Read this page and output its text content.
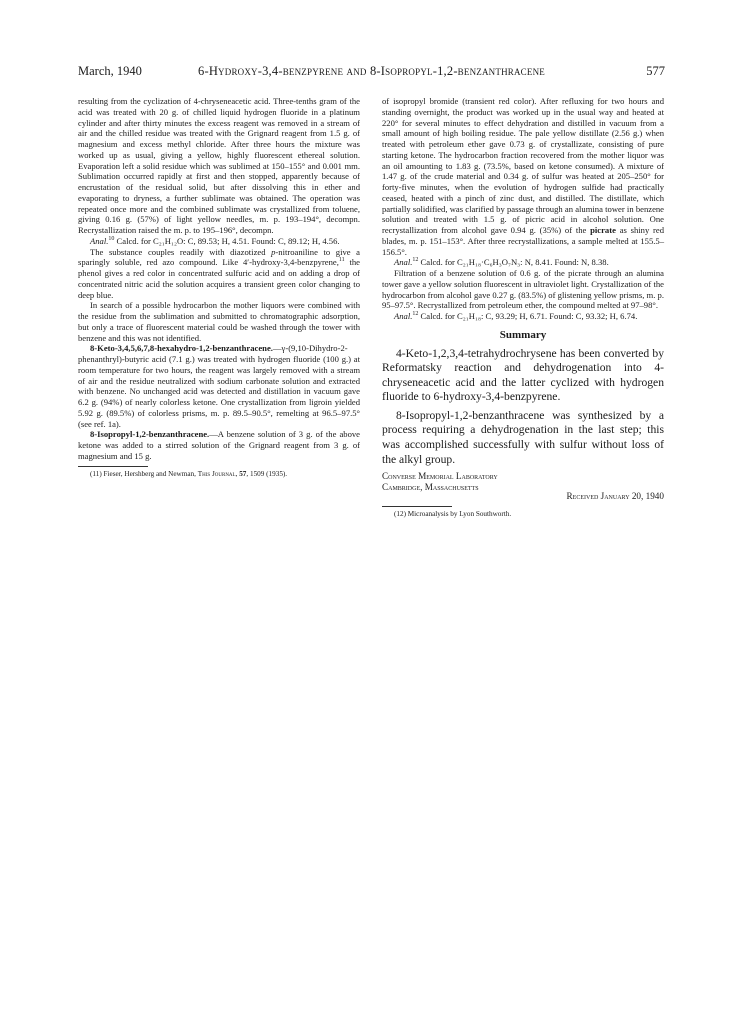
March, 1940	6-Hydroxy-3,4-benzpyrene and 8-Isopropyl-1,2-benzanthracene	577

resulting from the cyclization of 4-chryseneacetic acid. Three-tenths gram of the acid was treated with 20 g. of chilled liquid hydrogen fluoride in a platinum cylinder and after thirty minutes the excess reagent was removed in a stream of air and the chilled residue was treated with the Grignard reagent from 1.5 g. of magnesium and excess methyl chloride. After three hours the mixture was worked up as usual, giving a yellow, highly fluorescent ethereal solution. Evaporation left a solid residue which was sublimed at 150–155° and 0.001 mm. Sublimation occurred rapidly at first and then stopped, apparently because of encrustation of the residual solid, but after dissolving this in ether and evaporating to dryness, a further sublimate was obtained. The operation was repeated once more and the combined sublimate was crystallized from toluene, giving 0.16 g. (57%) of light yellow needles, m. p. 193–194°, decompn. Recrystallization raised the m. p. to 195–196°, decompn.

Anal.$^{10}$ Calcd. for C₂₁H₁₂O: C, 89.53; H, 4.51. Found: C, 89.12; H, 4.56.

The substance couples readily with diazotized p-nitroaniline to give a sparingly soluble, red azo compound. Like 4′-hydroxy-3,4-benzpyrene,$^{11}$ the phenol gives a red color in concentrated sulfuric acid and on adding a drop of concentrated nitric acid the solution acquires a transient green color changing to deep blue.

In search of a possible hydrocarbon the mother liquors were combined with the residue from the sublimation and submitted to chromatographic adsorption, but only a trace of fluorescent material could be washed through the tower with benzene and this was not identified.

8-Keto-3,4,5,6,7,8-hexahydro-1,2-benzanthracene.—γ-(9,10-Dihydro-2-phenanthryl)-butyric acid (7.1 g.) was treated with hydrogen fluoride (100 g.) at room temperature for two hours, the reagent was largely removed with a stream of air and the residue neutralized with sodium carbonate solution and extracted with benzene. No unchanged acid was detected and distillation in vacuum gave 6.2 g. (94%) of nearly colorless ketone. One crystallization from ligroin yielded 5.92 g. (89.5%) of colorless prisms, m. p. 89.5–90.5°, remelting at 96.5–97.5° (see ref. 1a).

8-Isopropyl-1,2-benzanthracene.—A benzene solution of 3 g. of the above ketone was added to a stirred solution of the Grignard reagent from 3 g. of magnesium and 15 g.

(11) Fieser, Hershberg and Newman, This Journal, 57, 1509 (1935).

of isopropyl bromide (transient red color). After refluxing for two hours and standing overnight, the product was worked up in the usual way and heated at 220° for several minutes to effect dehydration and distilled in vacuum from a small amount of high boiling residue. The pale yellow distillate (2.56 g.) when treated with petroleum ether gave 0.73 g. of crystallizate, consisting of pure starting ketone. The hydrocarbon fraction recovered from the mother liquor was an oil amounting to 1.83 g. (73.5%, based on ketone consumed). A mixture of 1.47 g. of the crude material and 0.34 g. of sulfur was heated at 205–250° for forty-five minutes, when the evolution of hydrogen sulfide had practically ceased, heated with a pinch of zinc dust, and distilled. The distillate, which partially solidified, was clarified by passage through an alumina tower in benzene solution and treated with 1.5 g. of picric acid in alcohol solution. One recrystallization from alcohol gave 0.94 g. (35%) of the picrate as shiny red blades, m. p. 151–153°. After three recrystallizations, a sample melted at 155.5–156.5°.

Anal.$^{12}$ Calcd. for C₂₁H₁₈·C₆H₃O₇N₃: N, 8.41. Found: N, 8.38.

Filtration of a benzene solution of 0.6 g. of the picrate through an alumina tower gave a yellow solution fluorescent in ultraviolet light. Crystallization of the hydrocarbon from alcohol gave 0.27 g. (83.5%) of glistening yellow prisms, m. p. 95–97.5°. Recrystallized from petroleum ether, the compound melted at 97–98°.

Anal.$^{12}$ Calcd. for C₂₁H₁₈: C, 93.29; H, 6.71. Found: C, 93.32; H, 6.74.

Summary

4-Keto-1,2,3,4-tetrahydrochrysene has been converted by Reformatsky reaction and dehydrogenation into 4-chryseneacetic acid and the latter cyclized with hydrogen fluoride to 6-hydroxy-3,4-benzpyrene.

8-Isopropyl-1,2-benzanthracene was synthesized by a process requiring a dehydrogenation in the last step; this was accomplished successfully with sulfur without loss of the alkyl group.

Converse Memorial Laboratory
Cambridge, Massachusetts
Received January 20, 1940

(12) Microanalysis by Lyon Southworth.
